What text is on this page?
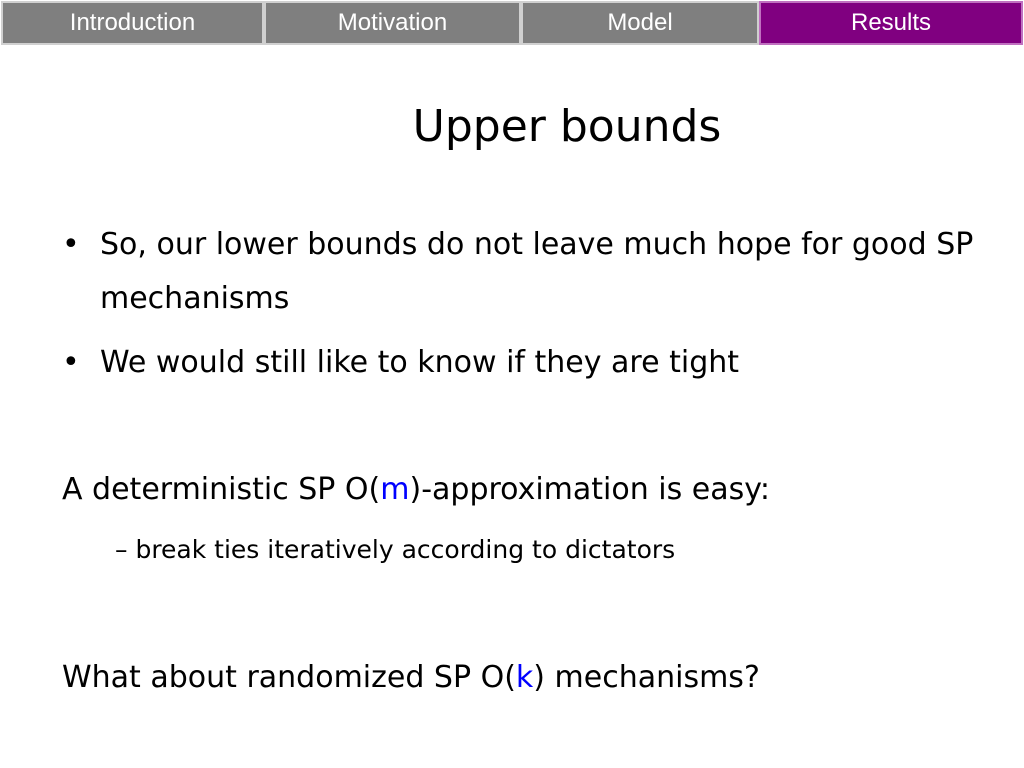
Introduction	Motivation	Model	Results
Upper bounds
• So, our lower bounds do not leave much hope for good SP mechanisms
• We would still like to know if they are tight
A deterministic SP O(m)-approximation is easy:
– break ties iteratively according to dictators
What about randomized SP O(k) mechanisms?
